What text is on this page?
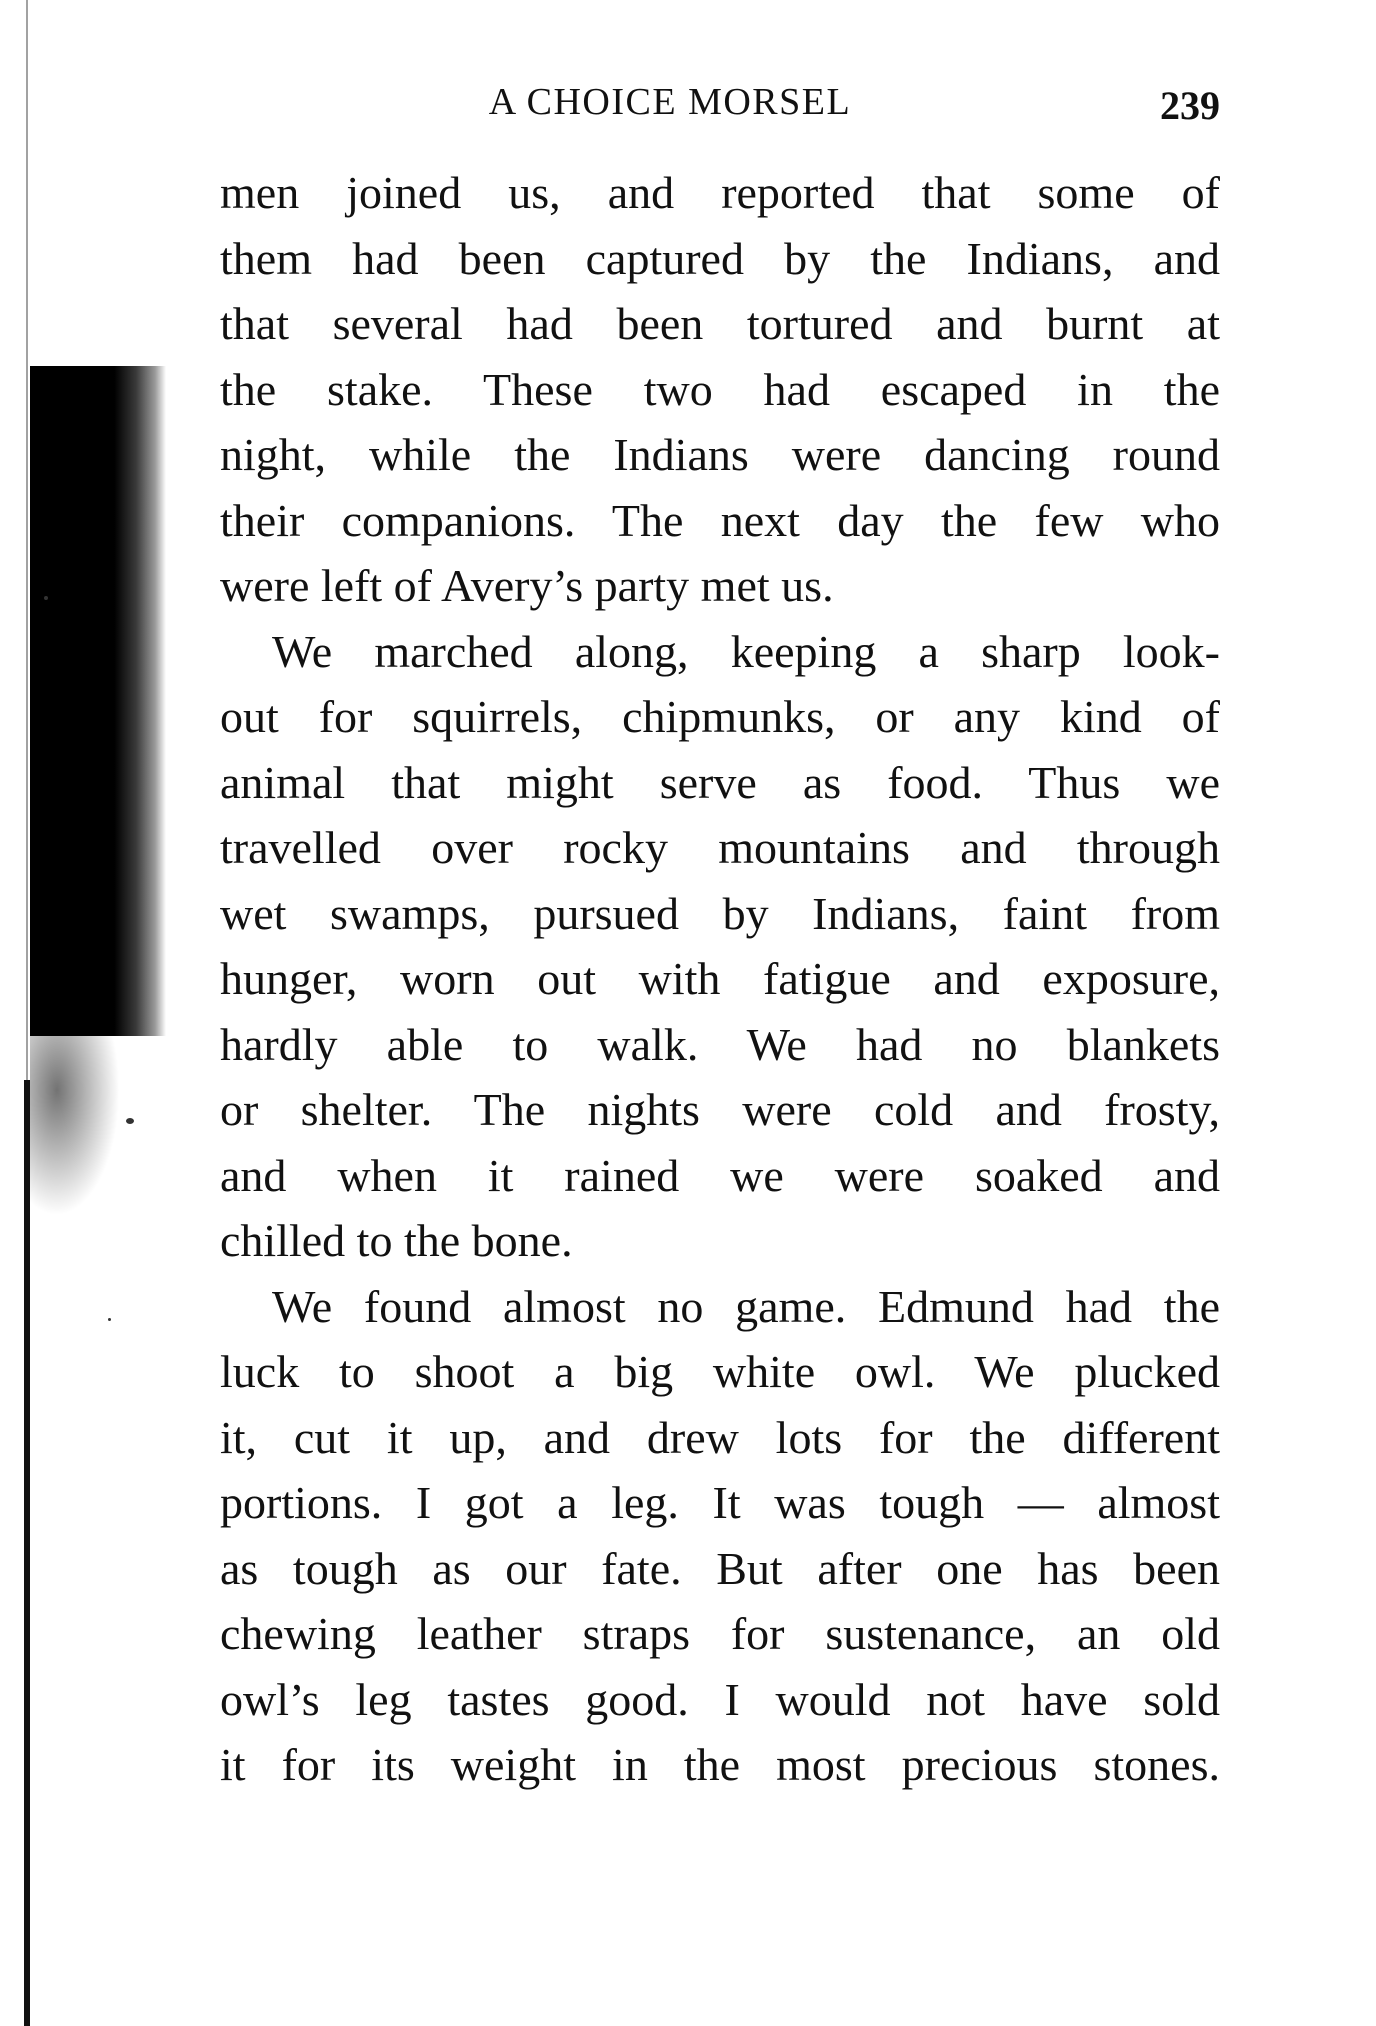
A CHOICE MORSEL	239
men joined us, and reported that some of
them had been captured by the Indians, and
that several had been tortured and burnt at
the stake. These two had escaped in the
night, while the Indians were dancing round
their companions. The next day the few who
were left of Avery’s party met us.
We marched along, keeping a sharp look-
out for squirrels, chipmunks, or any kind of
animal that might serve as food. Thus we
travelled over rocky mountains and through
wet swamps, pursued by Indians, faint from
hunger, worn out with fatigue and exposure,
hardly able to walk. We had no blankets
or shelter. The nights were cold and frosty,
and when it rained we were soaked and
chilled to the bone.
We found almost no game. Edmund had the
luck to shoot a big white owl. We plucked
it, cut it up, and drew lots for the different
portions. I got a leg. It was tough — almost
as tough as our fate. But after one has been
chewing leather straps for sustenance, an old
owl’s leg tastes good. I would not have sold
it for its weight in the most precious stones.
